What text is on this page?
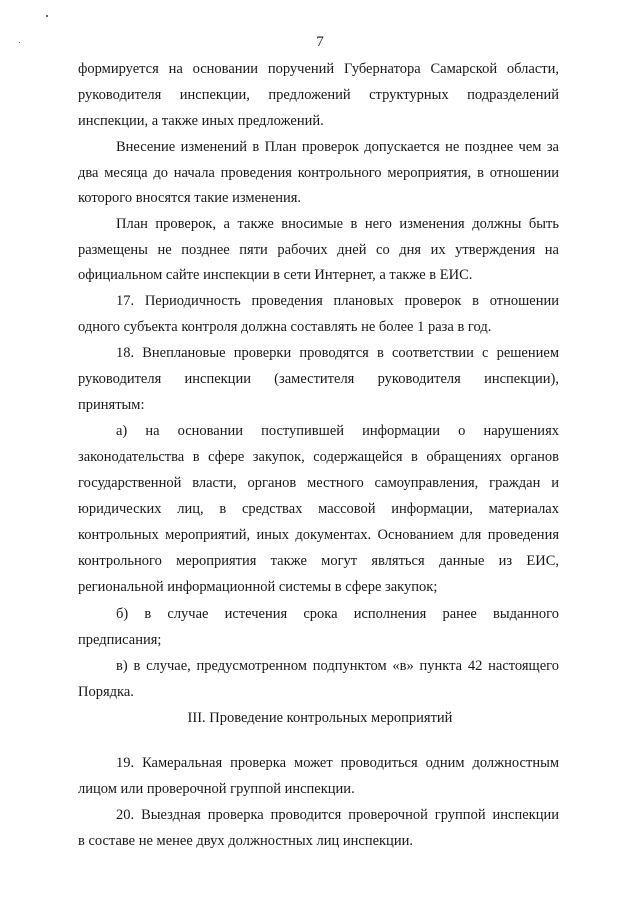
7
формируется на основании поручений Губернатора Самарской области,
руководителя инспекции, предложений структурных подразделений
инспекции, а также иных предложений.
Внесение изменений в План проверок допускается не позднее чем за
два месяца до начала проведения контрольного мероприятия, в отношении
которого вносятся такие изменения.
План проверок, а также вносимые в него изменения должны быть
размещены не позднее пяти рабочих дней со дня их утверждения на
официальном сайте инспекции в сети Интернет, а также в ЕИС.
17. Периодичность проведения плановых проверок в отношении
одного субъекта контроля должна составлять не более 1 раза в год.
18. Внеплановые проверки проводятся в соответствии с решением
руководителя инспекции (заместителя руководителя инспекции),
принятым:
а) на основании поступившей информации о нарушениях
законодательства в сфере закупок, содержащейся в обращениях органов
государственной власти, органов местного самоуправления, граждан и
юридических лиц, в средствах массовой информации, материалах
контрольных мероприятий, иных документах. Основанием для проведения
контрольного мероприятия также могут являться данные из ЕИС,
региональной информационной системы в сфере закупок;
б) в случае истечения срока исполнения ранее выданного
предписания;
в) в случае, предусмотренном подпунктом «в» пункта 42 настоящего
Порядка.
III. Проведение контрольных мероприятий
19. Камеральная проверка может проводиться одним должностным
лицом или проверочной группой инспекции.
20. Выездная проверка проводится проверочной группой инспекции
в составе не менее двух должностных лиц инспекции.
